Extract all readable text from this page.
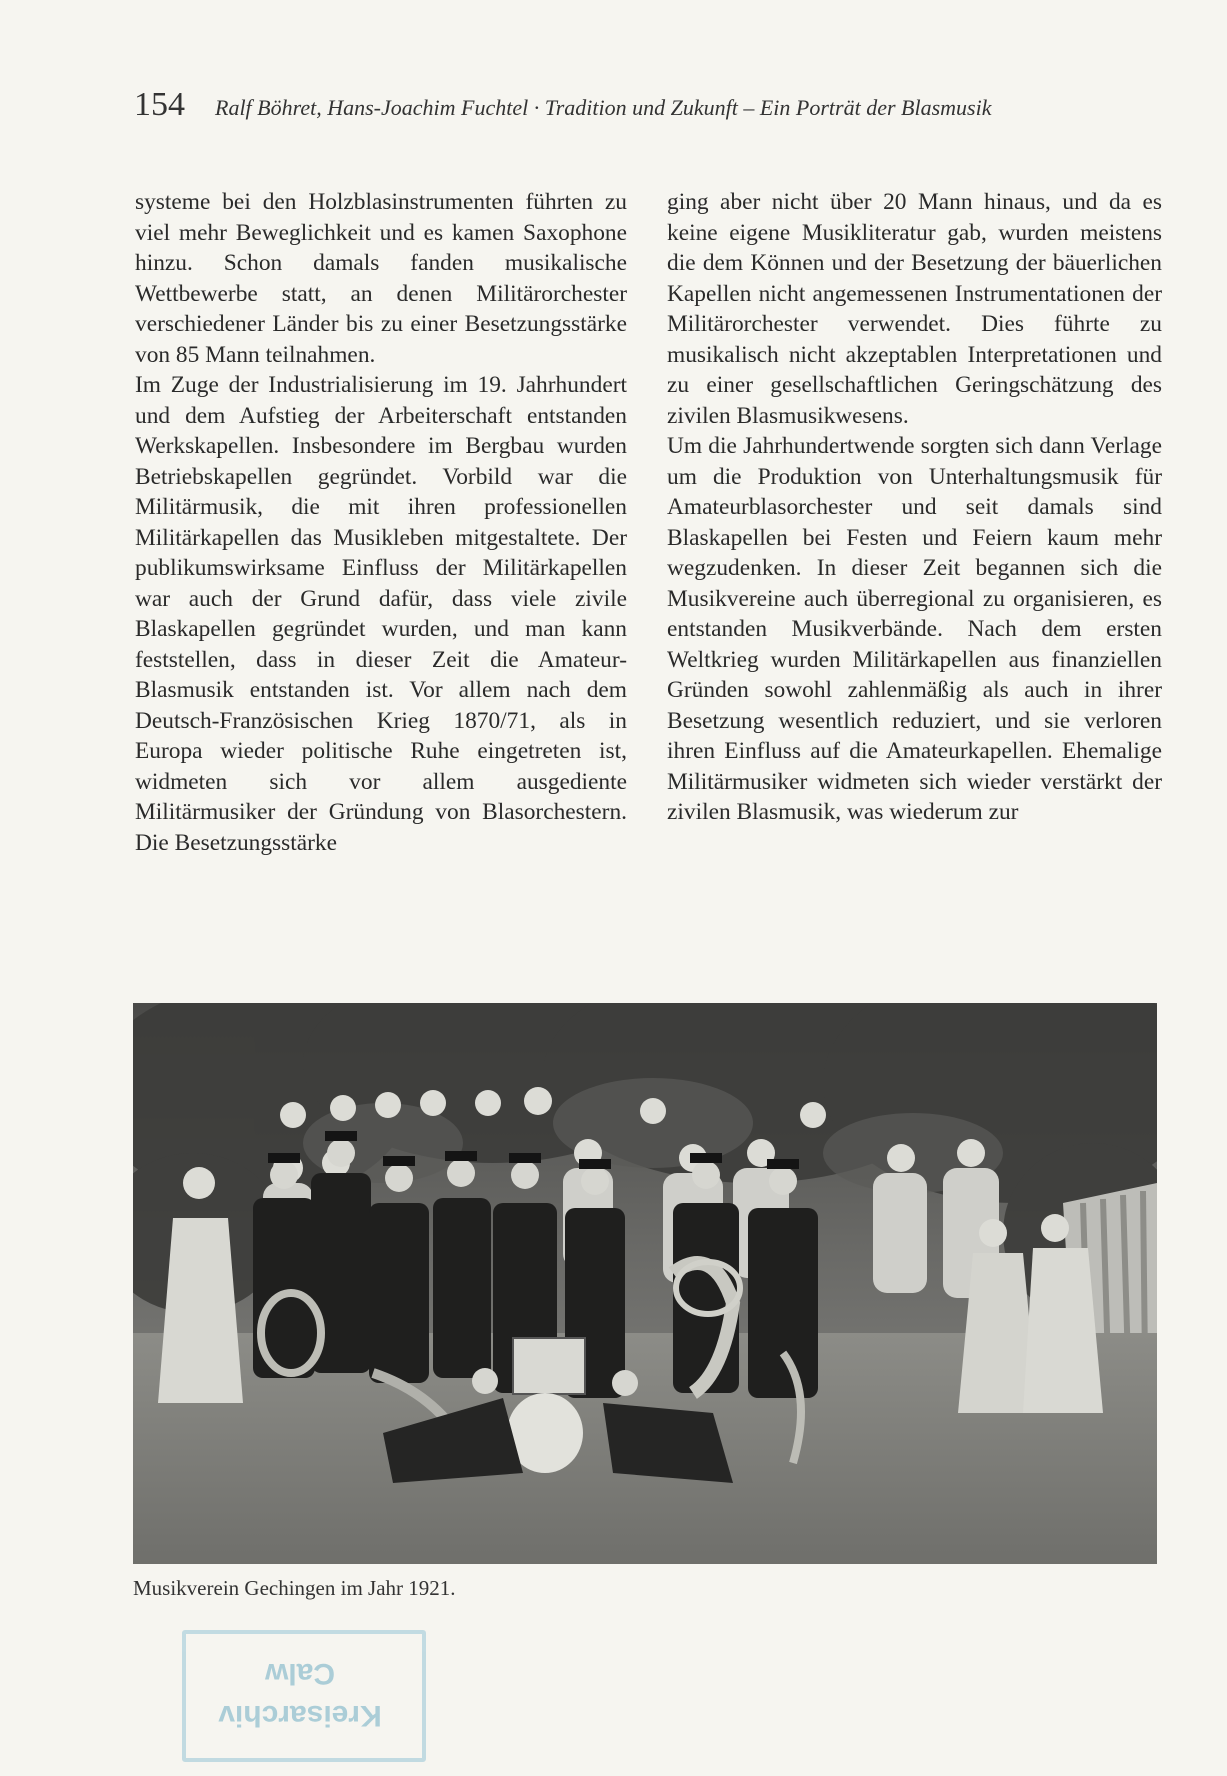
154 Ralf Böhret, Hans-Joachim Fuchtel · Tradition und Zukunft – Ein Porträt der Blasmusik

systeme bei den Holzblasinstrumenten führten zu viel mehr Beweglichkeit und es kamen Saxophone hinzu. Schon damals fanden musikalische Wettbewerbe statt, an denen Militärorchester verschiedener Länder bis zu einer Besetzungsstärke von 85 Mann teilnahmen.

Im Zuge der Industrialisierung im 19. Jahrhundert und dem Aufstieg der Arbeiterschaft entstanden Werkskapellen. Insbesondere im Bergbau wurden Betriebskapellen gegründet. Vorbild war die Militärmusik, die mit ihren professionellen Militärkapellen das Musikleben mitgestaltete. Der publikumswirksame Einfluss der Militärkapellen war auch der Grund dafür, dass viele zivile Blaskapellen gegründet wurden, und man kann feststellen, dass in dieser Zeit die Amateur-Blasmusik entstanden ist. Vor allem nach dem Deutsch-Französischen Krieg 1870/71, als in Europa wieder politische Ruhe eingetreten ist, widmeten sich vor allem ausgediente Militärmusiker der Gründung von Blasorchestern. Die Besetzungsstärke

ging aber nicht über 20 Mann hinaus, und da es keine eigene Musikliteratur gab, wurden meistens die dem Können und der Besetzung der bäuerlichen Kapellen nicht angemessenen Instrumentationen der Militärorchester verwendet. Dies führte zu musikalisch nicht akzeptablen Interpretationen und zu einer gesellschaftlichen Geringschätzung des zivilen Blasmusikwesens.

Um die Jahrhundertwende sorgten sich dann Verlage um die Produktion von Unterhaltungsmusik für Amateurblasorchester und seit damals sind Blaskapellen bei Festen und Feiern kaum mehr wegzudenken. In dieser Zeit begannen sich die Musikvereine auch überregional zu organisieren, es entstanden Musikverbände. Nach dem ersten Weltkrieg wurden Militärkapellen aus finanziellen Gründen sowohl zahlenmäßig als auch in ihrer Besetzung wesentlich reduziert, und sie verloren ihren Einfluss auf die Amateurkapellen. Ehemalige Militärmusiker widmeten sich wieder verstärkt der zivilen Blasmusik, was wiederum zur

Musikverein Gechingen im Jahr 1921.
Kreisarchiv
Calw
